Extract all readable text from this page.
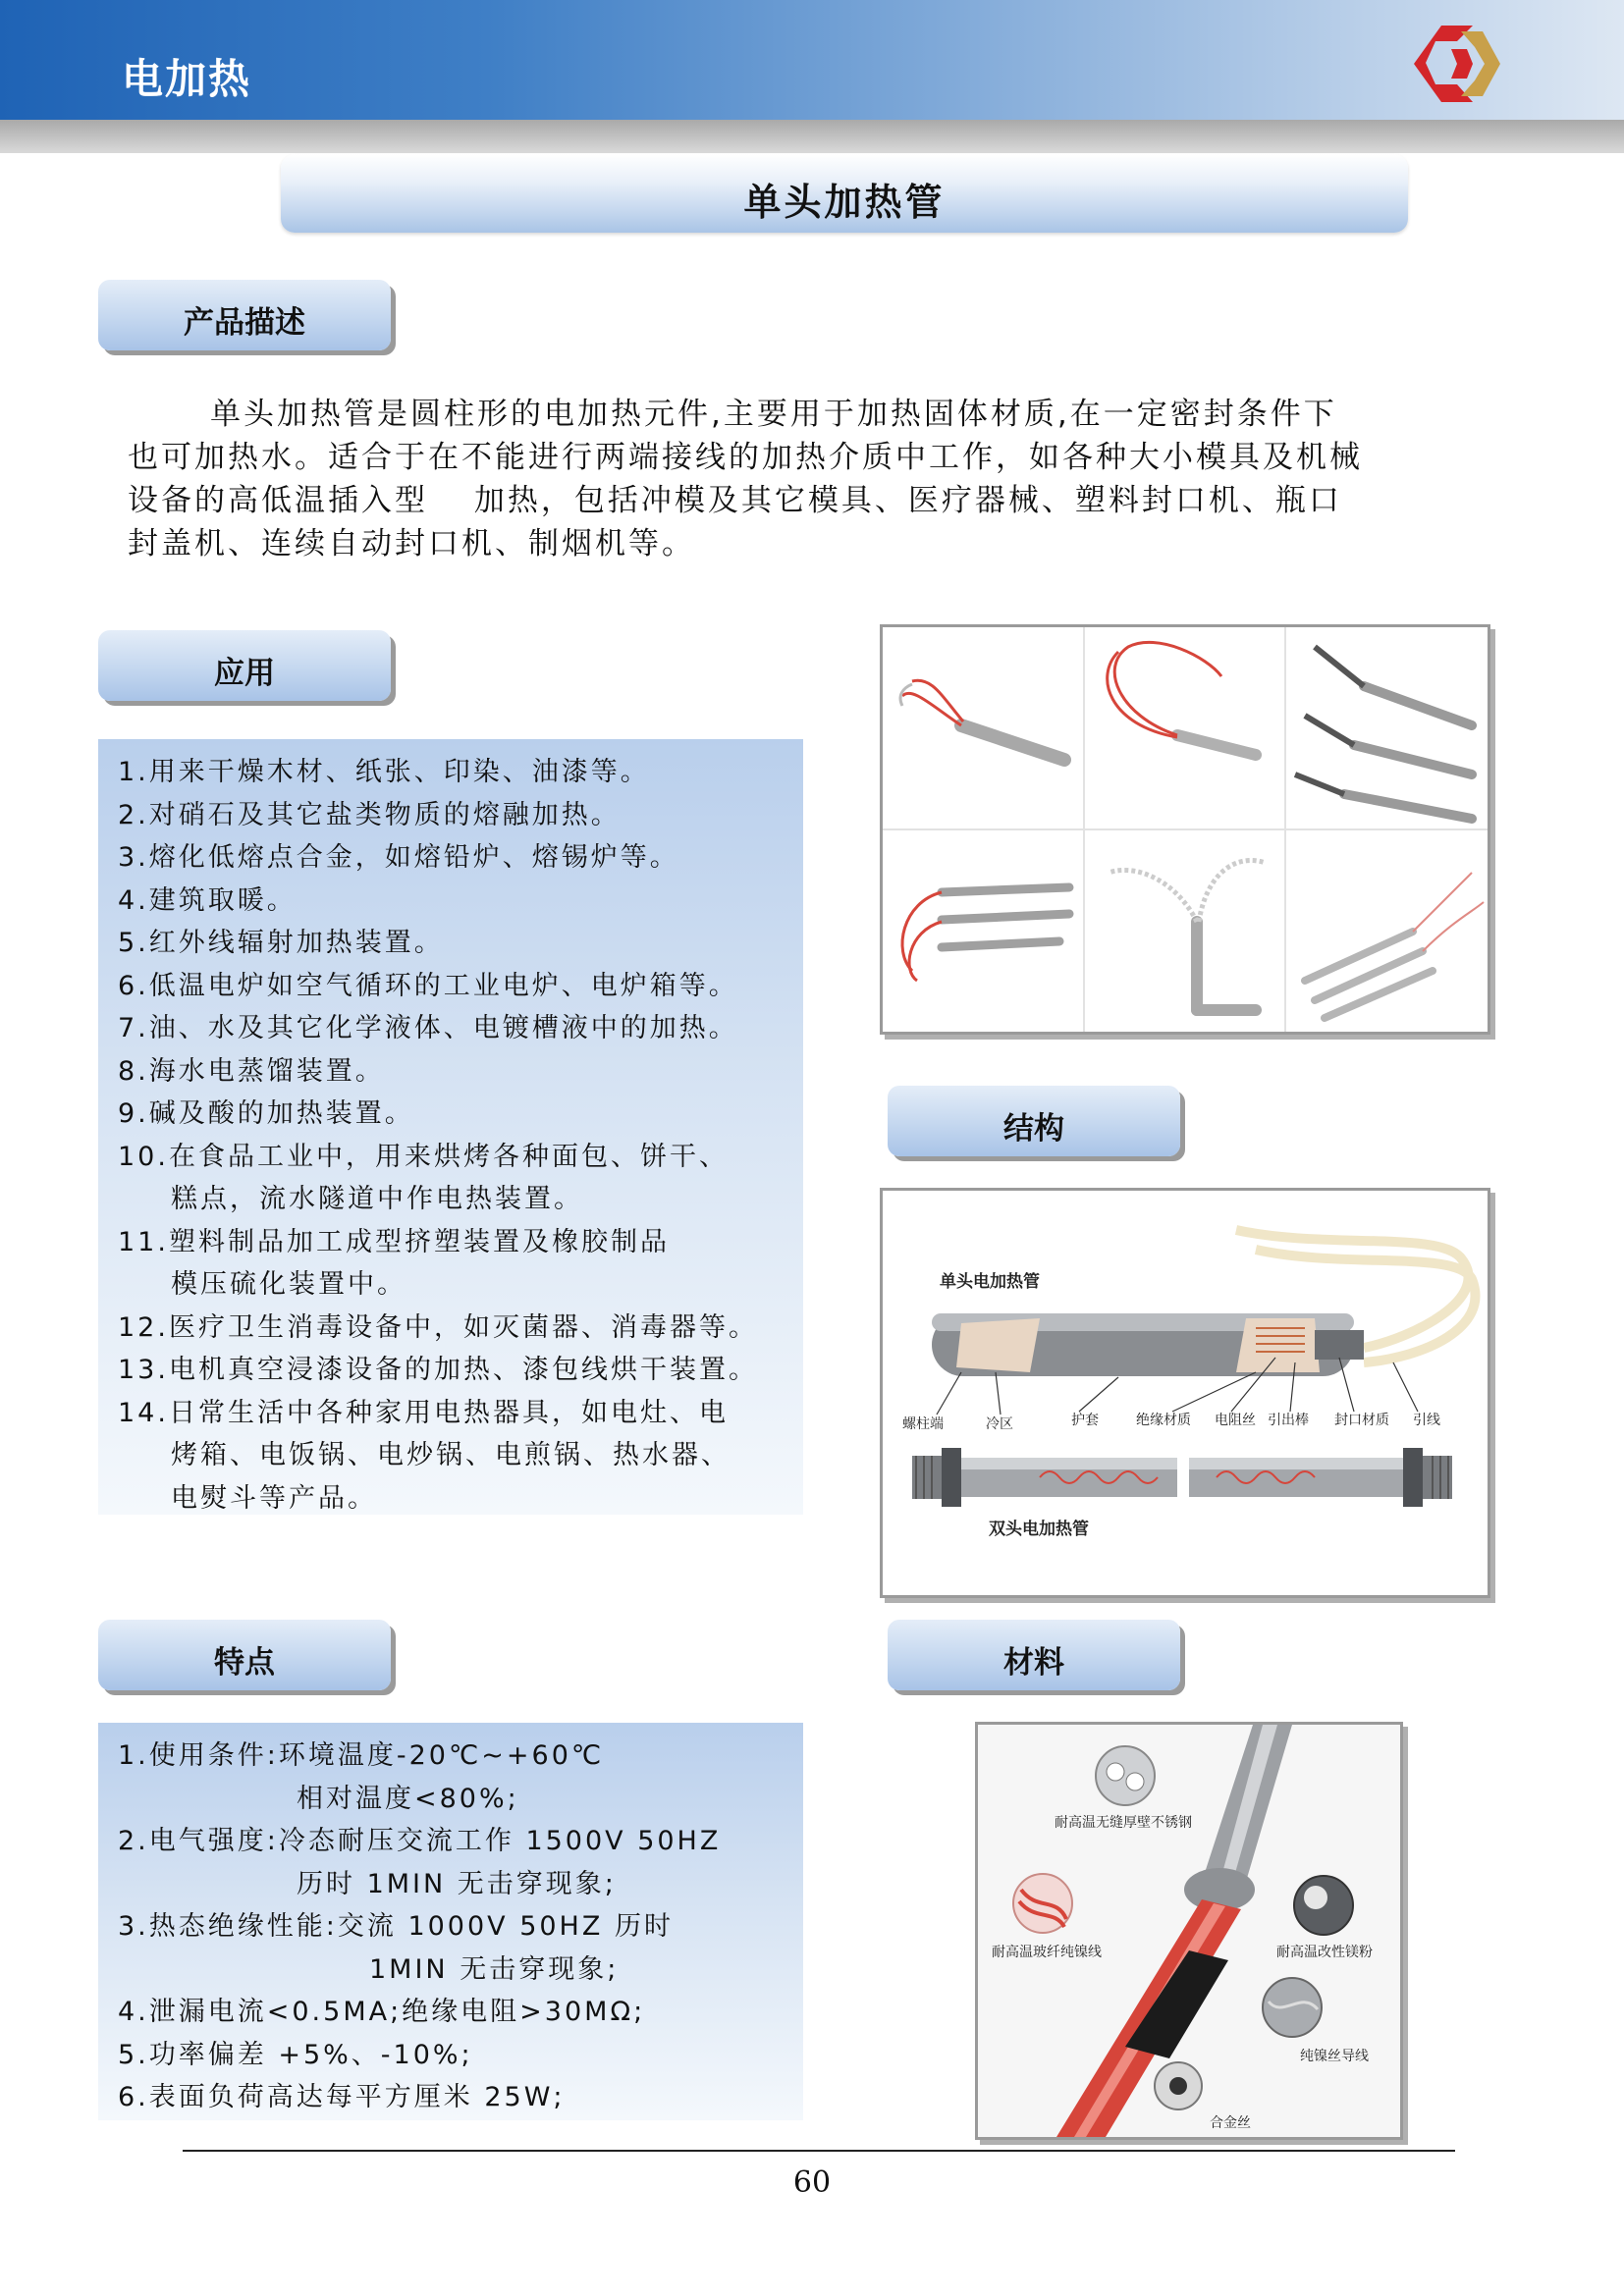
电加热
单头加热管
产品描述

单头加热管是圆柱形的电加热元件,主要用于加热固体材质,在一定密封条件下

也可加热水。适合于在不能进行两端接线的加热介质中工作，如各种大小模具及机械
设备的高低温插入型　 加热，包括冲模及其它模具、医疗器械、塑料封口机、瓶口
封盖机、连续自动封口机、制烟机等。
应用
1.用来干燥木材、纸张、印染、油漆等。
2.对硝石及其它盐类物质的熔融加热。
3.熔化低熔点合金，如熔铅炉、熔锡炉等。
4.建筑取暖。
5.红外线辐射加热装置。
6.低温电炉如空气循环的工业电炉、电炉箱等。
7.油、水及其它化学液体、电镀槽液中的加热。
8.海水电蒸馏装置。
9.碱及酸的加热装置。
10.在食品工业中，用来烘烤各种面包、饼干、
糕点，流水隧道中作电热装置。
11.塑料制品加工成型挤塑装置及橡胶制品
模压硫化装置中。
12.医疗卫生消毒设备中，如灭菌器、消毒器等。
13.电机真空浸漆设备的加热、漆包线烘干装置。
14.日常生活中各种家用电热器具，如电灶、电
烤箱、电饭锅、电炒锅、电煎锅、热水器、
电熨斗等产品。
结构
单头电加热管
螺柱端	冷区	护套	绝缘材质 电阻丝 引出棒 封口材质 引线
双头电加热管
特点
1.使用条件:环境温度-20℃~+60℃
相对温度<80%;
2.电气强度:冷态耐压交流工作 1500V 50HZ
历时 1MIN 无击穿现象;
3.热态绝缘性能:交流 1000V 50HZ 历时
1MIN 无击穿现象;
4.泄漏电流<0.5MA;绝缘电阻>30MΩ;
5.功率偏差 +5%、-10%;
6.表面负荷高达每平方厘米 25W;
材料
耐高温无缝厚壁不锈钢
耐高温玻纤纯镍线	耐高温改性镁粉
纯镍丝导线
合金丝
60
